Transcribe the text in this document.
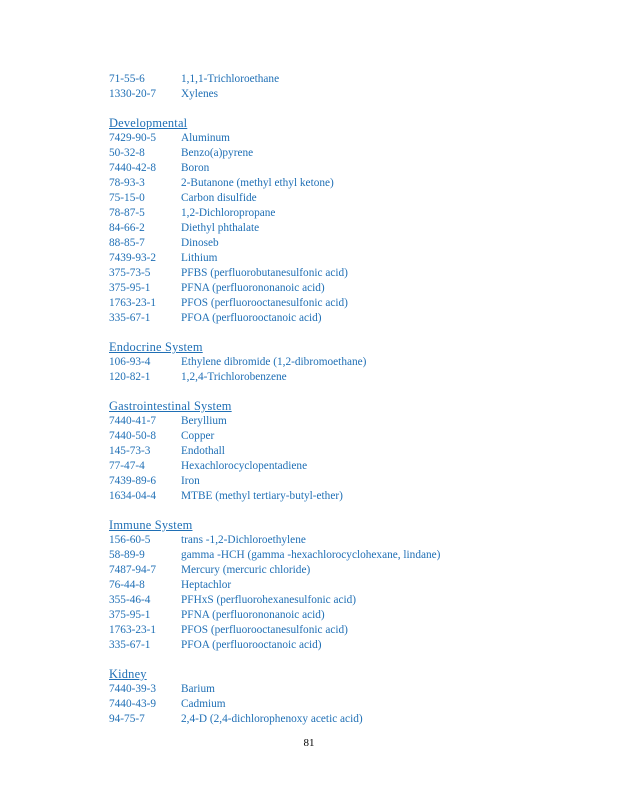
71-55-6	1,1,1-Trichloroethane
1330-20-7 Xylenes
Developmental
7429-90-5 Aluminum
50-32-8	Benzo(a)pyrene
7440-42-8 Boron
78-93-3	2-Butanone (methyl ethyl ketone)
75-15-0	Carbon disulfide
78-87-5	1,2-Dichloropropane
84-66-2	Diethyl phthalate
88-85-7	Dinoseb
7439-93-2 Lithium
375-73-5	PFBS (perfluorobutanesulfonic acid)
375-95-1	PFNA (perfluorononanoic acid)
1763-23-1 PFOS (perfluorooctanesulfonic acid)
335-67-1	PFOA (perfluorooctanoic acid)
Endocrine System
106-93-4	Ethylene dibromide (1,2-dibromoethane)
120-82-1	1,2,4-Trichlorobenzene
Gastrointestinal System
7440-41-7 Beryllium
7440-50-8 Copper
145-73-3	Endothall
77-47-4	Hexachlorocyclopentadiene
7439-89-6 Iron
1634-04-4 MTBE (methyl tertiary-butyl-ether)
Immune System
156-60-5	trans -1,2-Dichloroethylene
58-89-9	gamma -HCH (gamma -hexachlorocyclohexane, lindane)
7487-94-7 Mercury (mercuric chloride)
76-44-8	Heptachlor
355-46-4	PFHxS (perfluorohexanesulfonic acid)
375-95-1	PFNA (perfluorononanoic acid)
1763-23-1 PFOS (perfluorooctanesulfonic acid)
335-67-1	PFOA (perfluorooctanoic acid)
Kidney
7440-39-3 Barium
7440-43-9 Cadmium
94-75-7	2,4-D (2,4-dichlorophenoxy acetic acid)
81
